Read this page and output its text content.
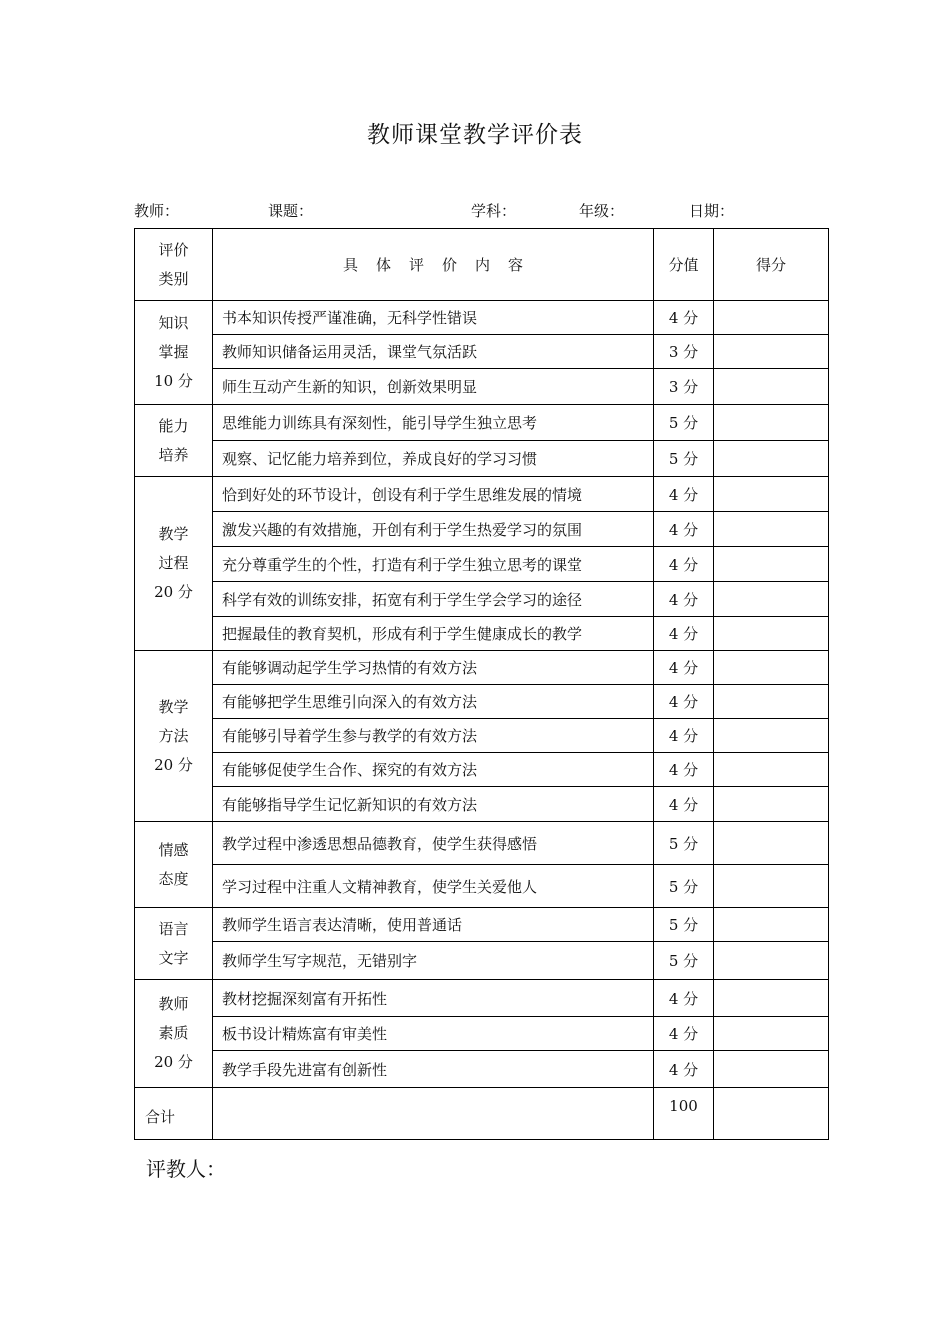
教师课堂教学评价表
教师：	课题：	学科：	年级：	日期：
评价
类别	具 体 评 价 内 容	分值	得分

知识
掌握
10 分	书本知识传授严谨准确，无科学性错误	4 分	
	教师知识储备运用灵活，课堂气氛活跃	3 分	
	师生互动产生新的知识，创新效果明显	3 分	

能力
培养	思维能力训练具有深刻性，能引导学生独立思考	5 分	
	观察、记忆能力培养到位，养成良好的学习习惯	5 分	

教学
过程
20 分	恰到好处的环节设计，创设有利于学生思维发展的情境	4 分	
	激发兴趣的有效措施，开创有利于学生热爱学习的氛围	4 分	
	充分尊重学生的个性，打造有利于学生独立思考的课堂	4 分	
	科学有效的训练安排，拓宽有利于学生学会学习的途径	4 分	
	把握最佳的教育契机，形成有利于学生健康成长的教学	4 分	

教学
方法
20 分	有能够调动起学生学习热情的有效方法	4 分	
	有能够把学生思维引向深入的有效方法	4 分	
	有能够引导着学生参与教学的有效方法	4 分	
	有能够促使学生合作、探究的有效方法	4 分	
	有能够指导学生记忆新知识的有效方法	4 分	

情感
态度	教学过程中渗透思想品德教育，使学生获得感悟	5 分	
	学习过程中注重人文精神教育，使学生关爱他人	5 分	

语言
文字	教师学生语言表达清晰，使用普通话	5 分	
	教师学生写字规范，无错别字	5 分	

教师
素质
20 分	教材挖掘深刻富有开拓性	4 分	
	板书设计精炼富有审美性	4 分	
	教学手段先进富有创新性	4 分	
合计		100	
评教人：
